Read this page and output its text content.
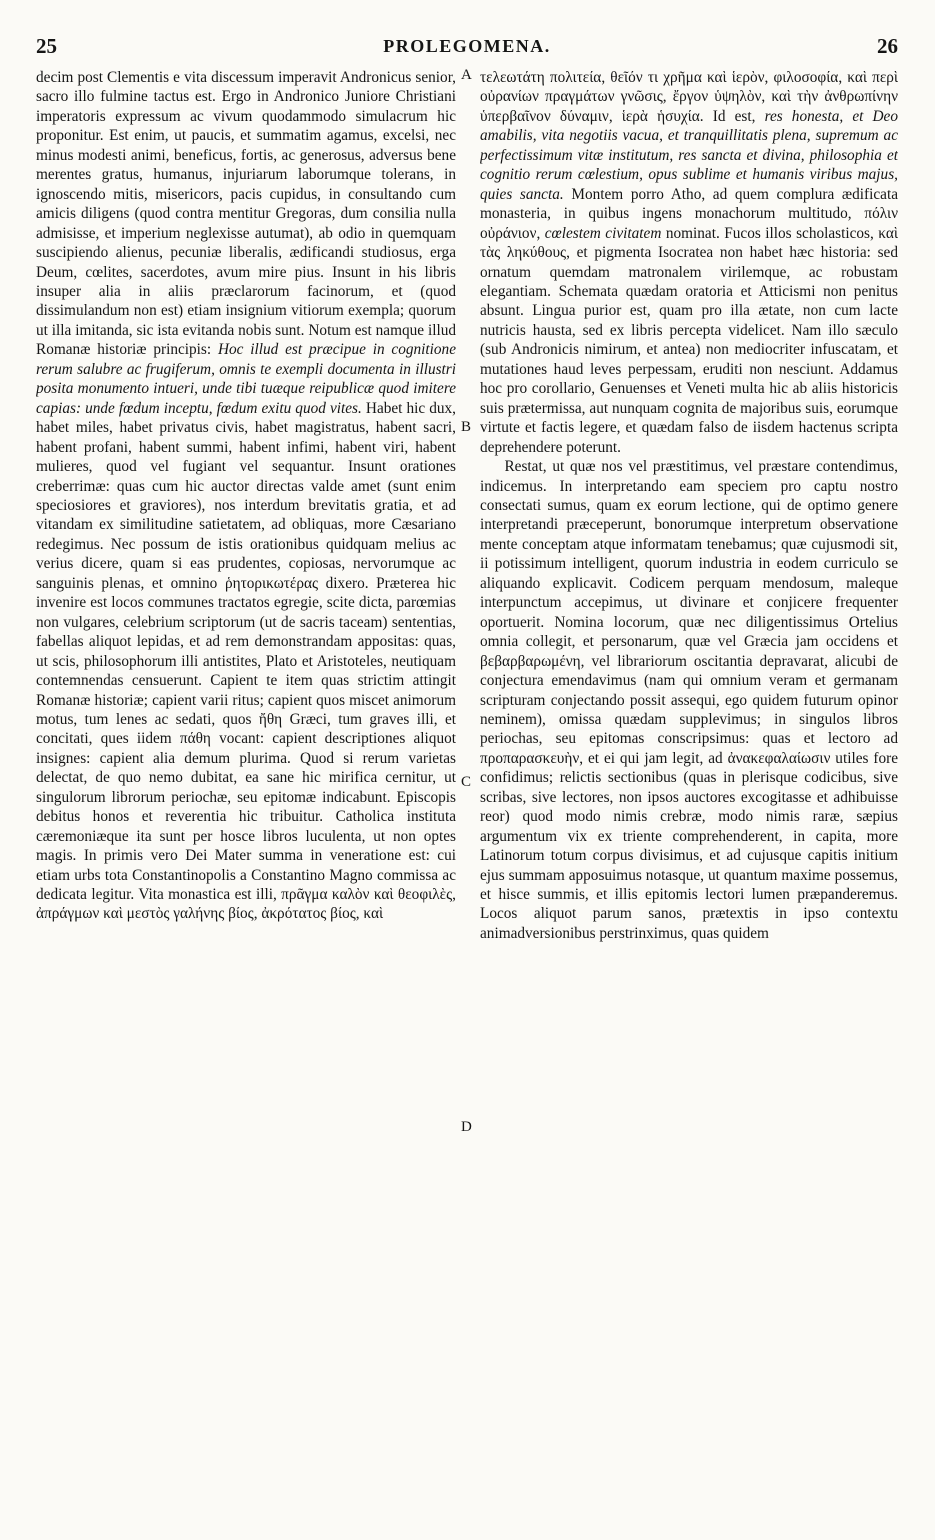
25	PROLEGOMENA.	26

decim post Clementis e vita discessum imperavit Andronicus senior, sacro illo fulmine tactus est. Ergo in Andronico Juniore Christiani imperatoris expressum ac vivum quodammodo simulacrum hic proponitur. Est enim, ut paucis, et summatim agamus, excelsi, nec minus modesti animi, beneficus, fortis, ac generosus, adversus bene merentes gratus, humanus, injuriarum laborumque tolerans, in ignoscendo mitis, misericors, pacis cupidus, in consultando cum amicis diligens (quod contra mentitur Gregoras, dum consilia nulla admisisse, et imperium neglexisse autumat), ab odio in quemquam suscipiendo alienus, pecuniæ liberalis, ædificandi studiosus, erga Deum, cœlites, sacerdotes, avum mire pius. Insunt in his libris insuper alia in aliis præclarorum facinorum, et (quod dissimulandum non est) etiam insignium vitiorum exempla; quorum ut illa imitanda, sic ista evitanda nobis sunt. Notum est namque illud Romanæ historiæ principis: Hoc illud est præcipue in cognitione rerum salubre ac frugiferum, omnis te exempli documenta in illustri posita monumento intueri, unde tibi tuæque reipublicæ quod imitere capias: unde fœdum inceptu, fœdum exitu quod vites. Habet hic dux, habet miles, habet privatus civis, habet magistratus, habent sacri, habent profani, habent summi, habent infimi, habent viri, habent mulieres, quod vel fugiant vel sequantur. Insunt orationes creberrimæ: quas cum hic auctor directas valde amet (sunt enim speciosiores et graviores), nos interdum brevitatis gratia, et ad vitandam ex similitudine satietatem, ad obliquas, more Cæsariano redegimus. Nec possum de istis orationibus quidquam melius ac verius dicere, quam si eas prudentes, copiosas, nervorumque ac sanguinis plenas, et omnino ῥητορικωτέρας dixero. Præterea hic invenire est locos communes tractatos egregie, scite dicta, parœmias non vulgares, celebrium scriptorum (ut de sacris taceam) sententias, fabellas aliquot lepidas, et ad rem demonstrandam appositas: quas, ut scis, philosophorum illi antistites, Plato et Aristoteles, neutiquam contemnendas censuerunt. Capient te item quas strictim attingit Romanæ historiæ; capient varii ritus; capient quos miscet animorum motus, tum lenes ac sedati, quos ἤθη Græci, tum graves illi, et concitati, ques iidem πάθη vocant: capient descriptiones aliquot insignes: capient alia demum plurima. Quod si rerum varietas delectat, de quo nemo dubitat, ea sane hic mirifica cernitur, ut singulorum librorum periochæ, seu epitomæ indicabunt. Episcopis debitus honos et reverentia hic tribuitur. Catholica instituta cæremoniæque ita sunt per hosce libros luculenta, ut non optes magis. In primis vero Dei Mater summa in veneratione est: cui etiam urbs tota Constantinopolis a Constantino Magno commissa ac dedicata legitur. Vita monastica est illi, πρᾶγμα καλὸν καὶ θεοφιλὲς, ἀπράγμων καὶ μεστὸς γαλήνης βίος, ἀκρότατος βίος, καὶ

τελεωτάτη πολιτεία, θεῖόν τι χρῆμα καὶ ἱερὸν, φιλοσοφία, καὶ περὶ οὐρανίων πραγμάτων γνῶσις, ἔργον ὑψηλὸν, καὶ τὴν ἀνθρωπίνην ὑπερβαῖνον δύναμιν, ἱερὰ ἡσυχία. Id est, res honesta, et Deo amabilis, vita negotiis vacua, et tranquillitatis plena, supremum ac perfectissimum vitæ institutum, res sancta et divina, philosophia et cognitio rerum cœlestium, opus sublime et humanis viribus majus, quies sancta. Montem porro Atho, ad quem complura ædificata monasteria, in quibus ingens monachorum multitudo, πόλιν οὐράνιον, cœlestem civitatem nominat. Fucos illos scholasticos, καὶ τὰς ληκύθους, et pigmenta Isocratea non habet hæc historia: sed ornatum quemdam matronalem virilemque, ac robustam elegantiam. Schemata quædam oratoria et Atticismi non penitus absunt. Lingua purior est, quam pro illa ætate, non cum lacte nutricis hausta, sed ex libris percepta videlicet. Nam illo sæculo (sub Andronicis nimirum, et antea) non mediocriter infuscatam, et mutationes haud leves perpessam, eruditi non nesciunt. Addamus hoc pro corollario, Genuenses et Veneti multa hic ab aliis historicis suis prætermissa, aut nunquam cognita de majoribus suis, eorumque virtute et factis legere, et quædam falso de iisdem hactenus scripta deprehendere poterunt.

Restat, ut quæ nos vel præstitimus, vel præstare contendimus, indicemus. In interpretando eam speciem pro captu nostro consectati sumus, quam ex eorum lectione, qui de optimo genere interpretandi præceperunt, bonorumque interpretum observatione mente conceptam atque informatam tenebamus; quæ cujusmodi sit, ii potissimum intelligent, quorum industria in eodem curriculo se aliquando explicavit. Codicem perquam mendosum, maleque interpunctum accepimus, ut divinare et conjicere frequenter oportuerit. Nomina locorum, quæ nec diligentissimus Ortelius omnia collegit, et personarum, quæ vel Græcia jam occidens et βεβαρβαρωμένη, vel librariorum oscitantia depravarat, alicubi de conjectura emendavimus (nam qui omnium veram et germanam scripturam conjectando possit assequi, ego quidem futurum opinor neminem), omissa quædam supplevimus; in singulos libros periochas, seu epitomas conscripsimus: quas et lectoro ad προπαρασκευὴν, et ei qui jam legit, ad ἀνακεφαλαίωσιν utiles fore confidimus; relictis sectionibus (quas in plerisque codicibus, sive scribas, sive lectores, non ipsos auctores excogitasse et adhibuisse reor) quod modo nimis crebræ, modo nimis raræ, sæpius argumentum vix ex triente comprehenderent, in capita, more Latinorum totum corpus divisimus, et ad cujusque capitis initium ejus summam apposuimus notasque, ut quantum maxime possemus, et hisce summis, et illis epitomis lectori lumen præpanderemus. Locos aliquot parum sanos, prætextis in ipso contextu animadversionibus perstrinximus, quas quidem

A
B
C
D
